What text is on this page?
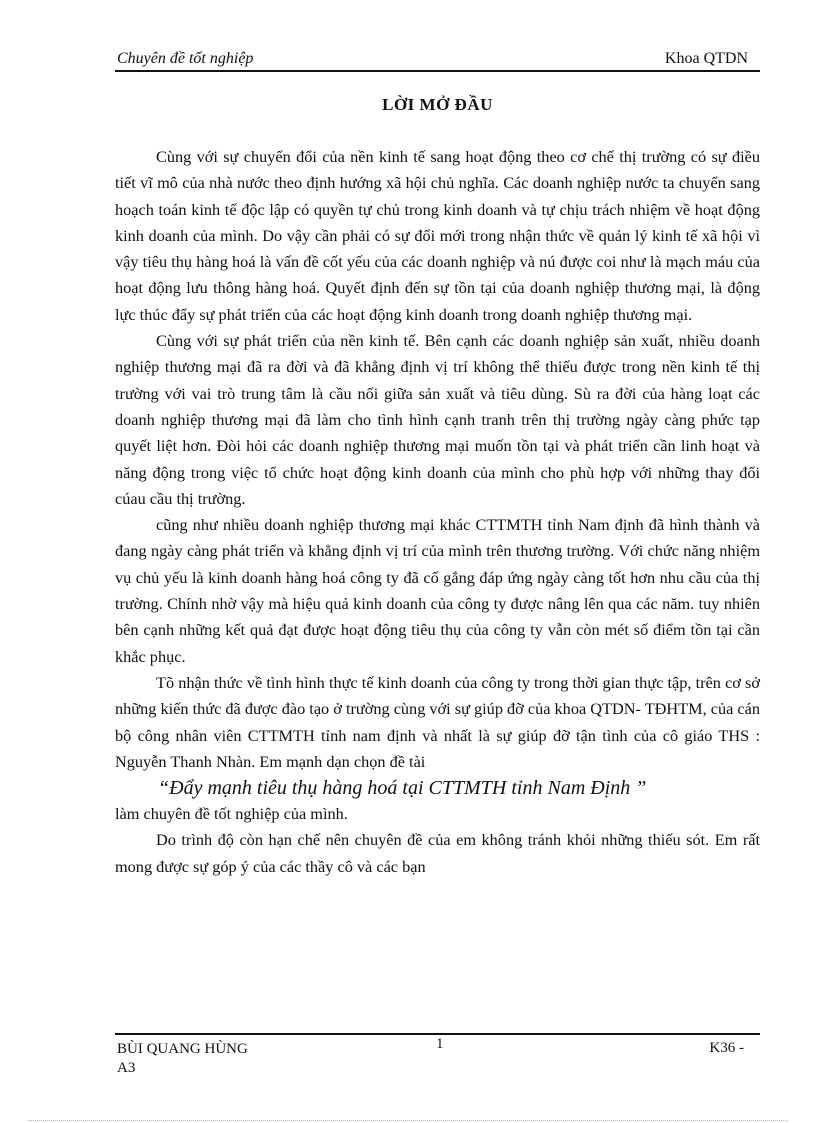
Chuyên đề tốt nghiệp	Khoa QTDN
LỜI MỞ ĐẦU

Cùng với sự chuyển đổi của nền kinh tế sang hoạt động theo cơ chế thị trường có sự điều tiết vĩ mô của nhà nước theo định hướng xã hội chủ nghĩa. Các doanh nghiệp nước ta chuyển sang hoạch toán kinh tế độc lập có quyền tự chủ trong kinh doanh và tự chịu trách nhiệm về hoạt động kinh doanh của mình. Do vậy cần phải có sự đổi mới trong nhận thức về quản lý kinh tế xã hội vì vậy tiêu thụ hàng hoá là vấn đề cốt yếu của các doanh nghiệp và nú được coi như là mạch máu của hoạt động lưu thông hàng hoá. Quyết định đến sự tồn tại của doanh nghiệp thương mại, là động lực thúc đẩy sự phát triển của các hoạt động kinh doanh trong doanh nghiệp thương mại.

Cùng với sự phát triển của nền kinh tế. Bên cạnh các doanh nghiệp sản xuất, nhiều doanh nghiệp thương mại đã ra đời và đã khẳng định vị trí không thể thiếu được trong nền kinh tế thị trường với vai trò trung tâm là cầu nối giữa sản xuất và tiêu dùng. Sù ra đời của hàng loạt các doanh nghiệp thương mại đã làm cho tình hình cạnh tranh trên thị trường ngày càng phức tạp quyết liệt hơn. Đòi hỏi các doanh nghiệp thương mại muốn tồn tại và phát triển cần linh hoạt và năng động trong việc tổ chức hoạt động kinh doanh của mình cho phù hợp với những thay đổi cúau cầu thị trường.

cũng như nhiều doanh nghiệp thương mại khác CTTMTH tỉnh Nam định đã hình thành và đang ngày càng phát triển và khẳng định vị trí của mình trên thương trường. Với chức năng nhiệm vụ chủ yếu là kinh doanh hàng hoá công ty đã cố gắng đáp ứng ngày càng tốt hơn nhu cầu của thị trường. Chính nhờ vậy mà hiệu quả kinh doanh của công ty được nâng lên qua các năm. tuy nhiên bên cạnh những kết quả đạt được hoạt động tiêu thụ của công ty vẫn còn mét số điểm tồn tại cần khắc phục.

Tõ nhận thức về tình hình thực tế kinh doanh của công ty trong thời gian thực tập, trên cơ sở những kiến thức đã được đào tạo ở trường cùng với sự giúp đỡ của khoa QTDN- TĐHTM, của cán bộ công nhân viên CTTMTH tỉnh nam định và nhất là sự giúp đỡ tận tình của cô giáo THS : Nguyễn Thanh Nhàn. Em mạnh dạn chọn đề tài

“Đẩy mạnh tiêu thụ hàng hoá tại CTTMTH tỉnh Nam Định ”

làm chuyên đề tốt nghiệp của mình.

Do trình độ còn hạn chế nên chuyên đề của em không tránh khỏi những thiếu sót. Em rất mong được sự góp ý của các thầy cô và các bạn

BÙI QUANG HÙNG
A3
1	K36 -
